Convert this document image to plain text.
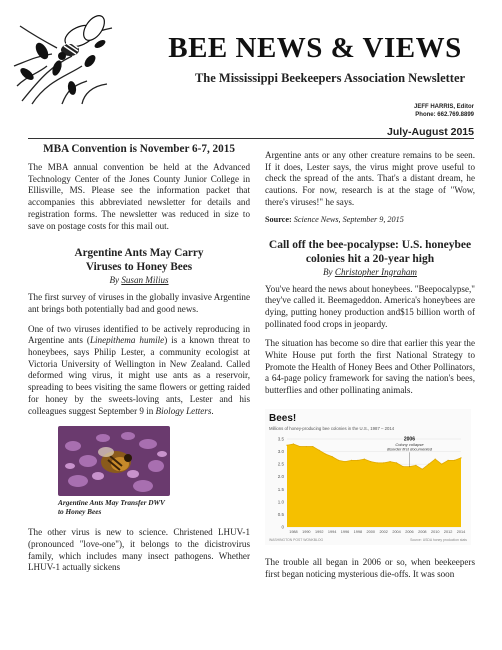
BEE NEWS & VIEWS
The Mississippi Beekeepers Association Newsletter
JEFF HARRIS, Editor
Phone: 662.769.8899
July-August 2015
MBA Convention is November 6-7, 2015

The MBA annual convention be held at the Advanced Technology Center of the Jones County Junior College in Ellisville, MS. Please see the information packet that accompanies this abbreviated newsletter for details and registration forms. The newsletter was reduced in size to save on postage costs for this mail out.

Argentine Ants May Carry
Viruses to Honey Bees
By Susan Milius

The first survey of viruses in the globally invasive Argentine ant brings both potentially bad and good news.

One of two viruses identified to be actively reproducing in Argentine ants (Linepithema humile) is a known threat to honeybees, says Philip Lester, a community ecologist at Victoria University of Wellington in New Zealand. Called deformed wing virus, it might use ants as a reservoir, spreading to bees visiting the same flowers or getting raided for honey by the sweets-loving ants, Lester and his colleagues suggest September 9 in Biology Letters.

Argentine Ants May Transfer DWV to Honey Bees

The other virus is new to science. Christened LHUV-1 (pronounced "love-one"), it belongs to the dicistrovirus family, which includes many insect pathogens. Whether LHUV-1 actually sickens

Argentine ants or any other creature remains to be seen. If it does, Lester says, the virus might prove useful to check the spread of the ants. That's a distant dream, he cautions. For now, research is at the stage of "Wow, there's viruses!" he says.

Source: Science News, September 9, 2015
Call off the bee-pocalypse: U.S. honeybee
colonies hit a 20-year high
By Christopher Ingraham

You've heard the news about honeybees. "Beepocalypse," they've called it. Beemageddon. America's honeybees are dying, putting honey production and$15 billion worth of pollinated food crops in jeopardy.

The situation has become so dire that earlier this year the White House put forth the first National Strategy to Promote the Health of Honey Bees and Other Pollinators, a 64-page policy framework for saving the nation's bees, butterflies and other pollinating animals.

Bees!
Millions of honey-producing bee colonies in the U.S., 1987 – 2014
0
0.5
1.0
1.5
2.0
2.5
3.0
3.5
1988 1990 1992 1994 1996 1998 2000 2002 2004 2006 2008 2010 2012 2014
2006
Colony collapse
disorder first documented
WASHINGTON POST WONKBLOG	Source: USDA honey production stats

The trouble all began in 2006 or so, when beekeepers first began noticing mysterious die-offs. It was soon
